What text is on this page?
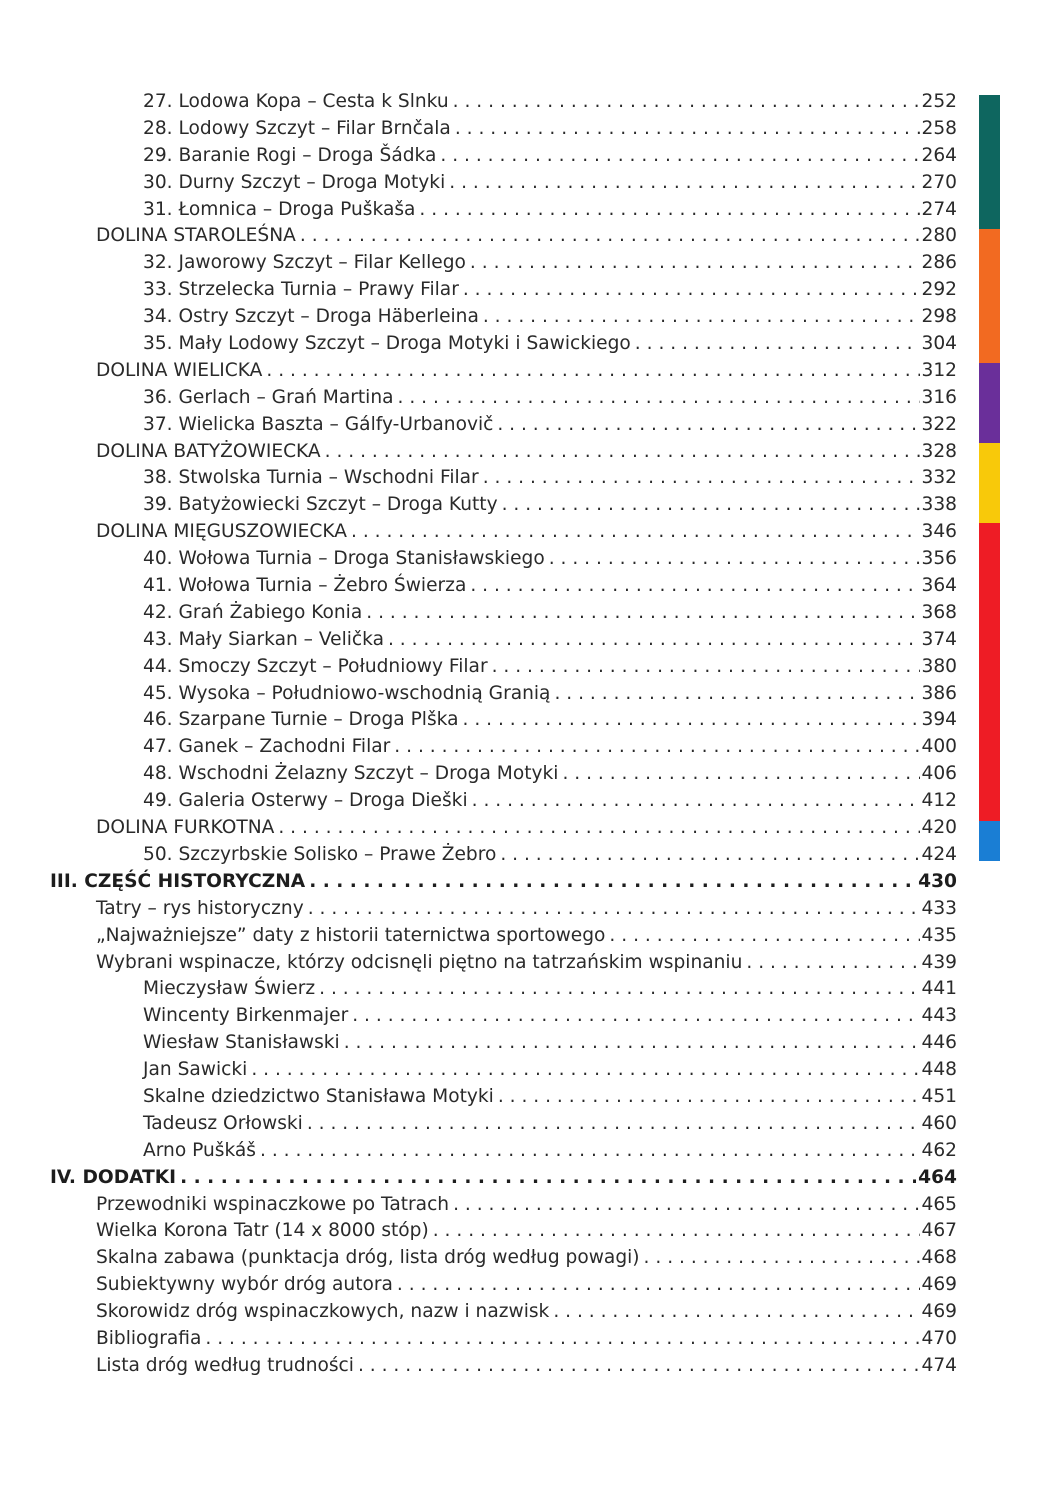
27. Lodowa Kopa – Cesta k Slnku . . .	252
28. Lodowy Szczyt – Filar Brnčala . . .	258
29. Baranie Rogi – Droga Šádka . . .	264
30. Durny Szczyt – Droga Motyki . . .	270
31. Łomnica – Droga Puškaša . . .	274
DOLINA STAROLEŚNA . . .	280
32. Jaworowy Szczyt – Filar Kellego . . .	286
33. Strzelecka Turnia – Prawy Filar . . .	292
34. Ostry Szczyt – Droga Häberleina . . .	298
35. Mały Lodowy Szczyt – Droga Motyki i Sawickiego . . .	304
DOLINA WIELICKA . . .	312
36. Gerlach – Grań Martina . . .	316
37. Wielicka Baszta – Gálfy-Urbanovič . . .	322
DOLINA BATYŻOWIECKA . . .	328
38. Stwolska Turnia – Wschodni Filar . . .	332
39. Batyżowiecki Szczyt – Droga Kutty . . .	338
DOLINA MIĘGUSZOWIECKA . . .	346
40. Wołowa Turnia – Droga Stanisławskiego . . .	356
41. Wołowa Turnia – Żebro Świerza . . .	364
42. Grań Żabiego Konia . . .	368
43. Mały Siarkan – Velička . . .	374
44. Smoczy Szczyt – Południowy Filar . . .	380
45. Wysoka – Południowo-wschodnią Granią . . .	386
46. Szarpane Turnie – Droga Plška . . .	394
47. Ganek – Zachodni Filar . . .	400
48. Wschodni Żelazny Szczyt – Droga Motyki . . .	406
49. Galeria Osterwy – Droga Dieški . . .	412
DOLINA FURKOTNA . . .	420
50. Szczyrbskie Solisko – Prawe Żebro . . .	424
III. CZĘŚĆ HISTORYCZNA . . .	430
Tatry – rys historyczny . . .	433
„Najważniejsze” daty z historii taternictwa sportowego . . .	435
Wybrani wspinacze, którzy odcisnęli piętno na tatrzańskim wspinaniu . . .	439
Mieczysław Świerz . . .	441
Wincenty Birkenmajer . . .	443
Wiesław Stanisławski . . .	446
Jan Sawicki . . .	448
Skalne dziedzictwo Stanisława Motyki . . .	451
Tadeusz Orłowski . . .	460
Arno Puškáš . . .	462
IV. DODATKI . . .	464
Przewodniki wspinaczkowe po Tatrach . . .	465
Wielka Korona Tatr (14 x 8000 stóp) . . .	467
Skalna zabawa (punktacja dróg, lista dróg według powagi) . . .	468
Subiektywny wybór dróg autora . . .	469
Skorowidz dróg wspinaczkowych, nazw i nazwisk . . .	469
Bibliografia . . .	470
Lista dróg według trudności . . .	474
